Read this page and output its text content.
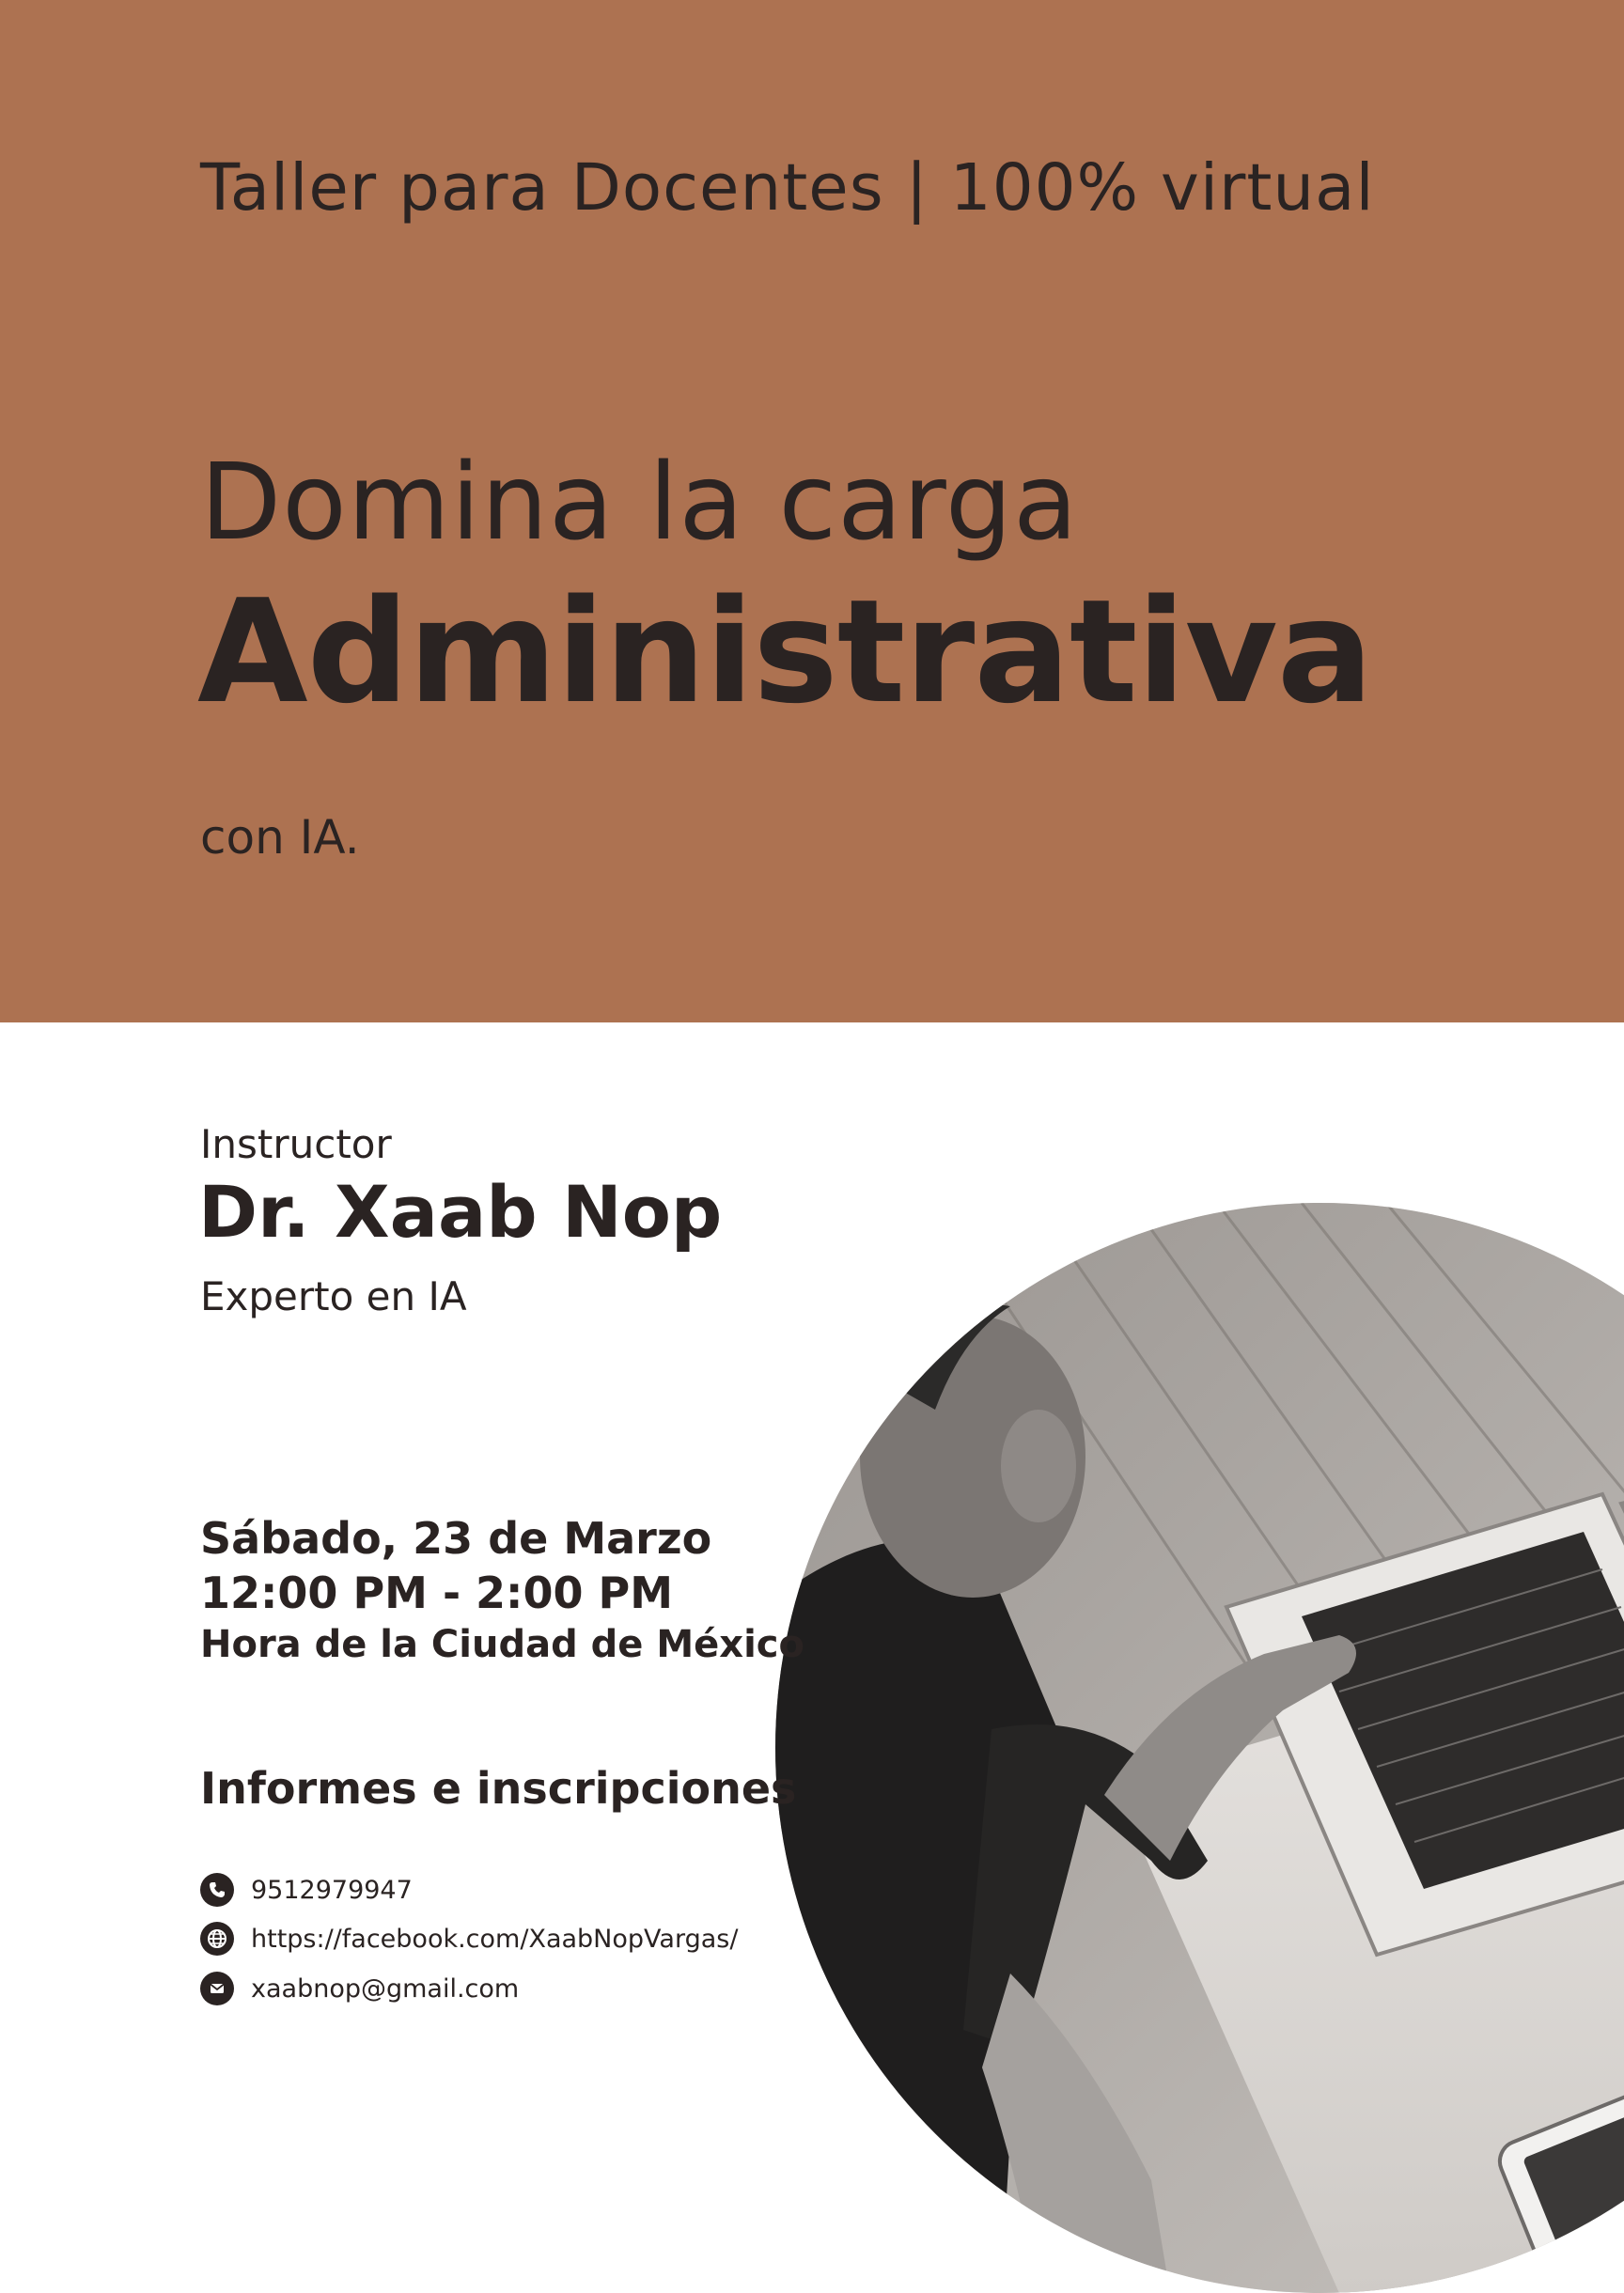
Taller para Docentes | 100% virtual
Domina la carga
Administrativa
con IA.
Instructor
Dr. Xaab Nop
Experto en IA
Sábado, 23 de Marzo
12:00 PM - 2:00 PM
Hora de la Ciudad de México
Informes e inscripciones
9512979947
https://facebook.com/XaabNopVargas/
xaabnop@gmail.com
